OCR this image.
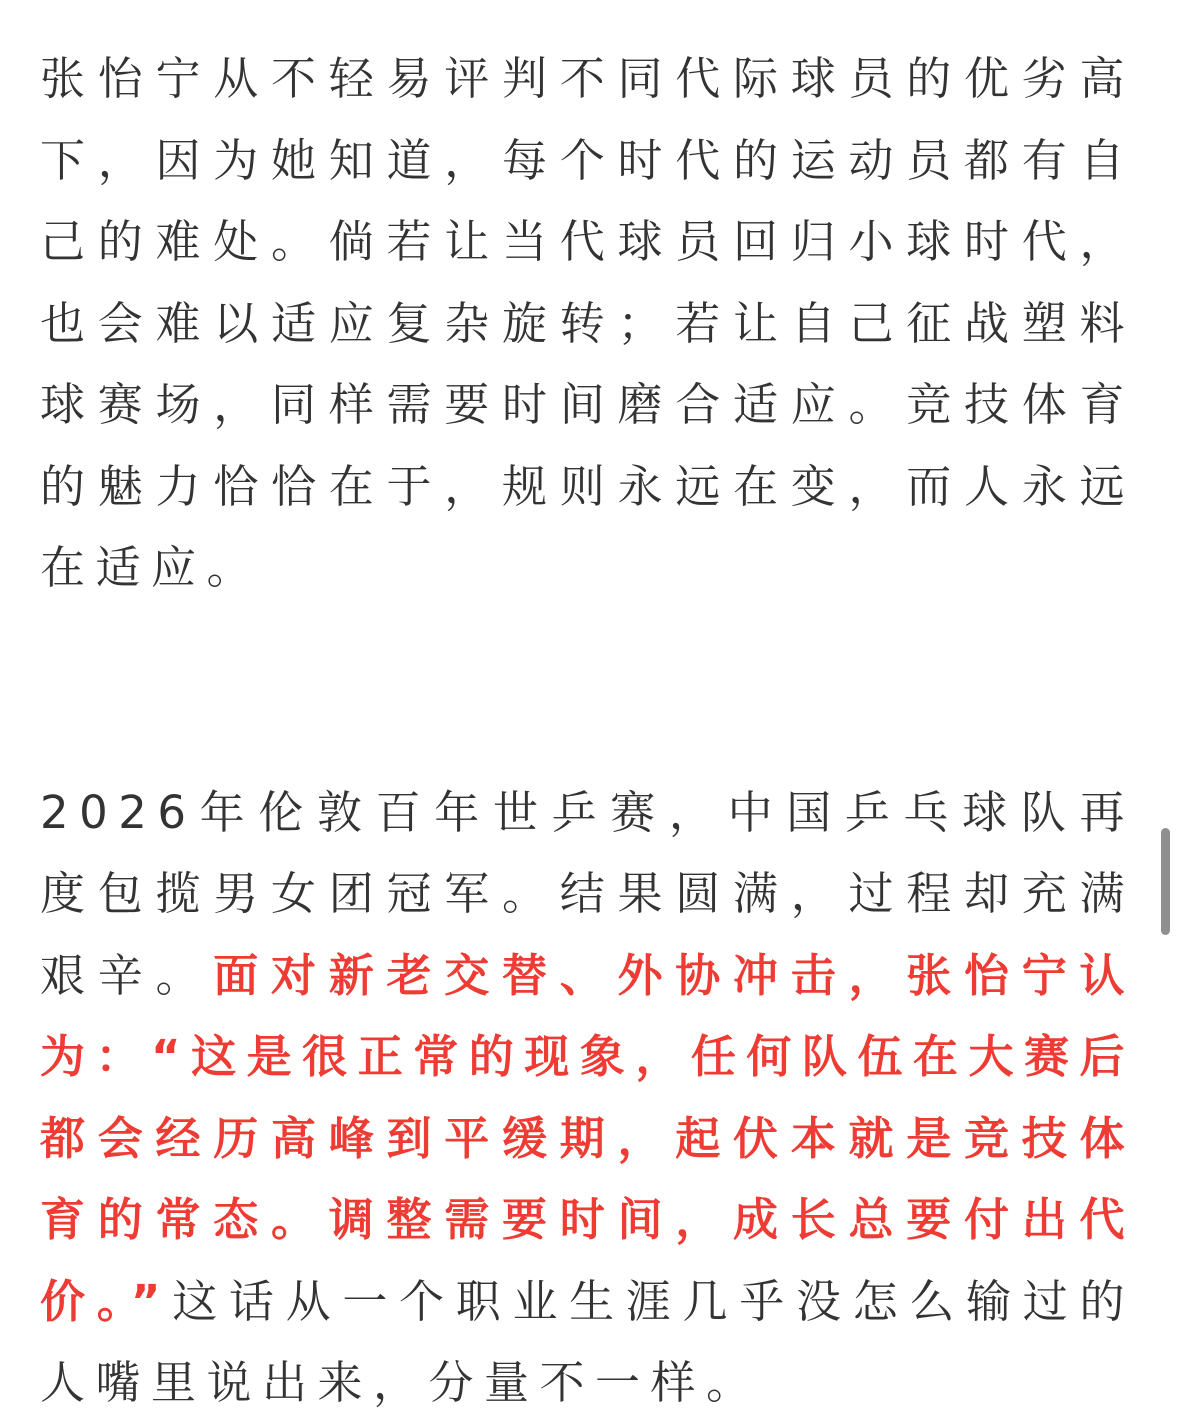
张怡宁从不轻易评判不同代际球员的优劣高下，因为她知道，每个时代的运动员都有自己的难处。倘若让当代球员回归小球时代，也会难以适应复杂旋转；若让自己征战塑料球赛场，同样需要时间磨合适应。竞技体育的魅力恰恰在于，规则永远在变，而人永远在适应。

2026年伦敦百年世乒赛，中国乒乓球队再度包揽男女团冠军。结果圆满，过程却充满艰辛。面对新老交替、外协冲击，张怡宁认为：“这是很正常的现象，任何队伍在大赛后都会经历高峰到平缓期，起伏本就是竞技体育的常态。调整需要时间，成长总要付出代价。”这话从一个职业生涯几乎没怎么输过的人嘴里说出来，分量不一样。
